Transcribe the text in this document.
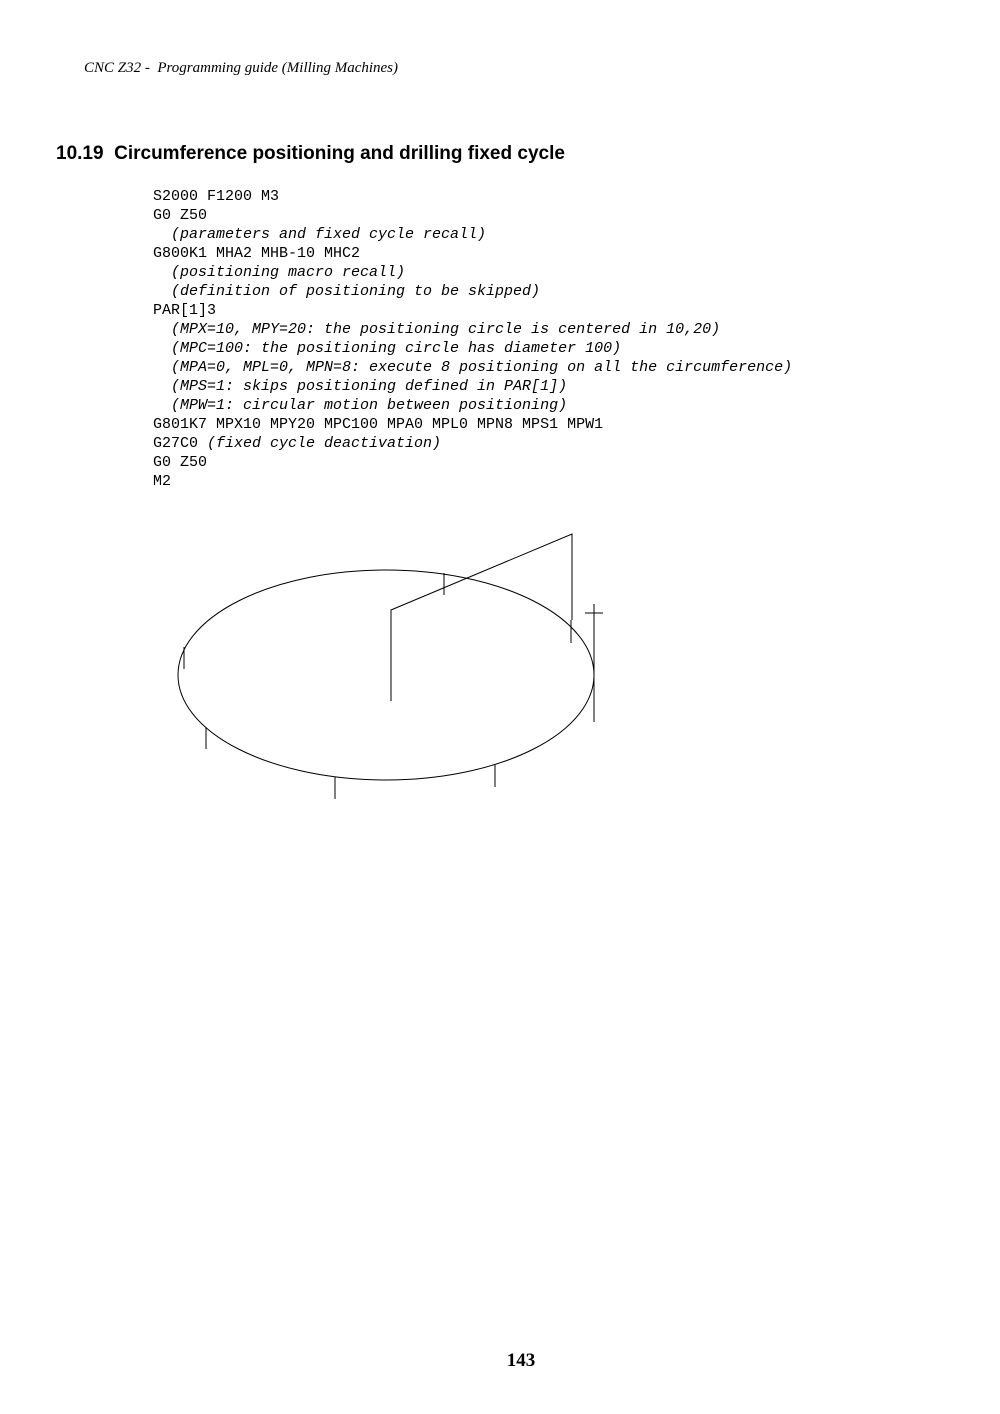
CNC Z32 -  Programming guide (Milling Machines)
10.19  Circumference positioning and drilling fixed cycle
S2000 F1200 M3
G0 Z50
(parameters and fixed cycle recall)
G800K1 MHA2 MHB-10 MHC2
(positioning macro recall)
(definition of positioning to be skipped)
PAR[1]3
(MPX=10, MPY=20: the positioning circle is centered in 10,20)
(MPC=100: the positioning circle has diameter 100)
(MPA=0, MPL=0, MPN=8: execute 8 positioning on all the circumference)
(MPS=1: skips positioning defined in PAR[1])
(MPW=1: circular motion between positioning)
G801K7 MPX10 MPY20 MPC100 MPA0 MPL0 MPN8 MPS1 MPW1
G27C0 (fixed cycle deactivation)
G0 Z50
M2
143
